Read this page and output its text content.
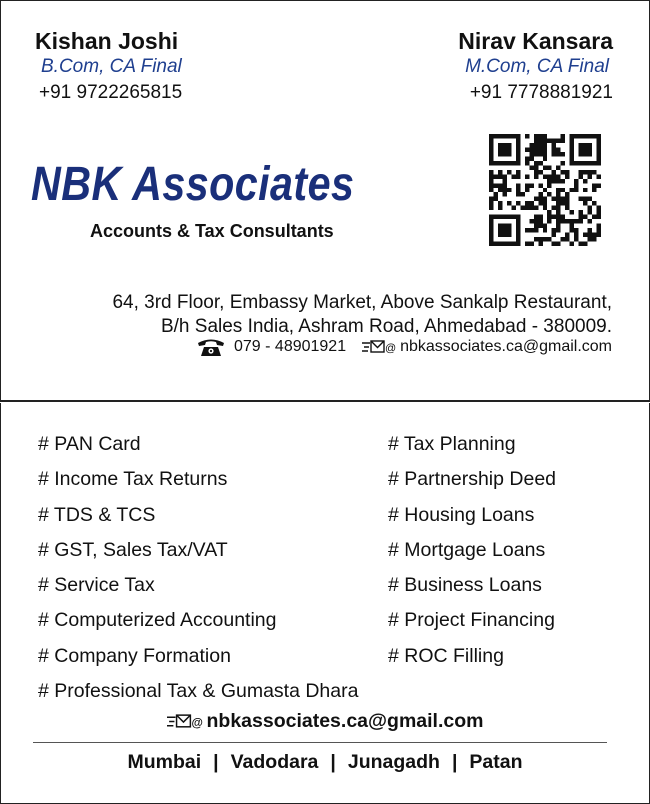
Kishan Joshi
B.Com, CA Final
+91 9722265815
Nirav Kansara
M.Com, CA Final
+91 7778881921
NBK Associates
Accounts & Tax Consultants
64, 3rd Floor, Embassy Market, Above Sankalp Restaurant,
B/h Sales India, Ashram Road, Ahmedabad - 380009.
079 - 48901921	@ nbkassociates.ca@gmail.com
# PAN Card
# Income Tax Returns
# TDS & TCS
# GST, Sales Tax/VAT
# Service Tax
# Computerized Accounting
# Company Formation
# Professional Tax & Gumasta Dhara
# Tax Planning
# Partnership Deed
# Housing Loans
# Mortgage Loans
# Business Loans
# Project Financing
# ROC Filling
@ nbkassociates.ca@gmail.com
Mumbai | Vadodara | Junagadh | Patan
